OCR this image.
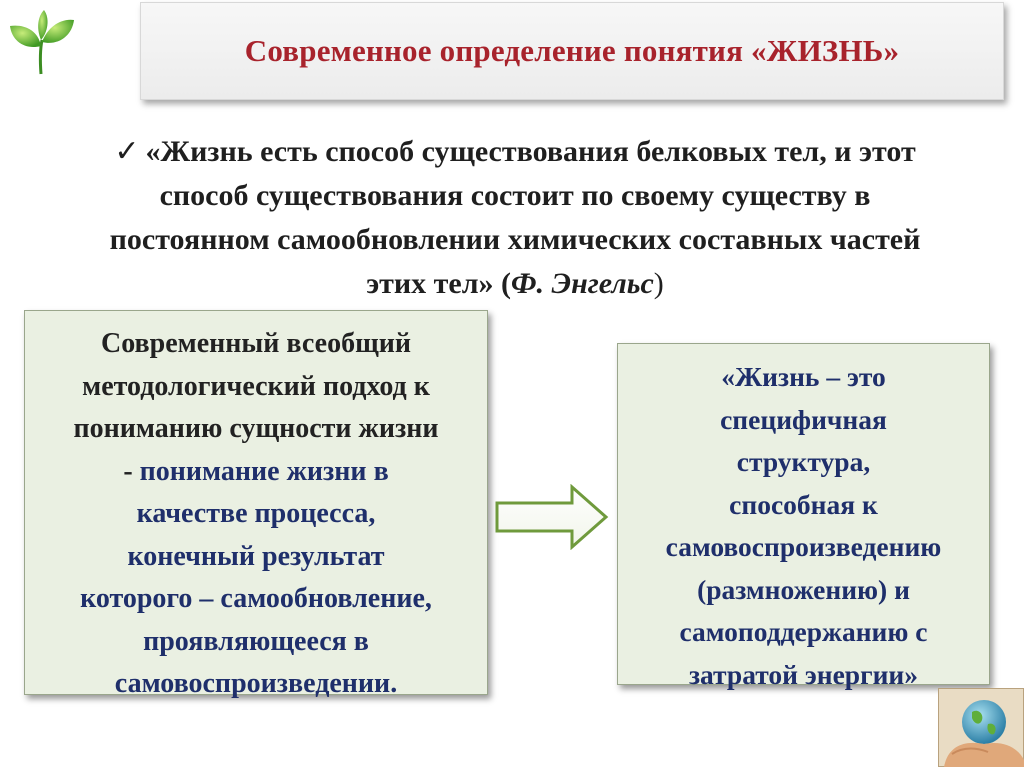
Современное определение понятия «ЖИЗНЬ»
✓ «Жизнь есть способ существования белковых тел, и этот
способ существования состоит по своему существу в
постоянном самообновлении химических составных частей
этих тел» (Ф. Энгельс)
Современный всеобщий
методологический подход к
пониманию сущности жизни
- понимание жизни в
качестве процесса,
конечный результат
которого – самообновление,
проявляющееся в
самовоспроизведении.
«Жизнь – это
специфичная
структура,
способная к
самовоспроизведению
(размножению) и
самоподдержанию с
затратой энергии»
